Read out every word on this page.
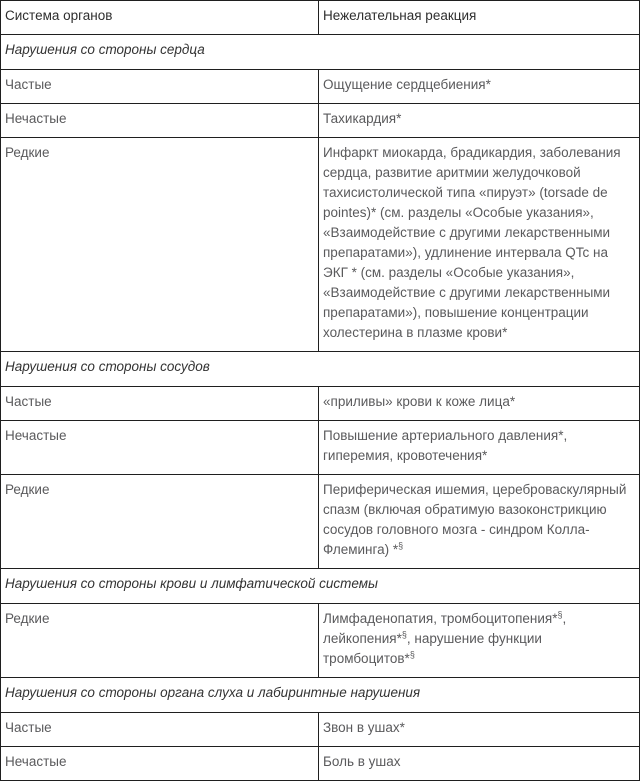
Система органов	Нежелательная реакция
Нарушения со стороны сердца	
Частые	Ощущение сердцебиения*
Нечастые	Тахикардия*
Редкие	Инфаркт миокарда, брадикардия, заболевания сердца, развитие аритмии желудочковой тахисистолической типа «пируэт» (torsade de pointes)* (см. разделы «Особые указания», «Взаимодействие с другими лекарственными препаратами»), удлинение интервала QTc на ЭКГ * (см. разделы «Особые указания», «Взаимодействие с другими лекарственными препаратами»), повышение концентрации холестерина в плазме крови*
Нарушения со стороны сосудов	
Частые	«приливы» крови к коже лица*
Нечастые	Повышение артериального давления*, гиперемия, кровотечения*
Редкие	Периферическая ишемия, цереброваскулярный спазм (включая обратимую вазоконстрикцию сосудов головного мозга - синдром Колла-Флеминга) *§
Нарушения со стороны крови и лимфатической системы	
Редкие	Лимфаденопатия, тромбоцитопения*§, лейкопения*§, нарушение функции тромбоцитов*§
Нарушения со стороны органа слуха и лабиринтные нарушения	
Частые	Звон в ушах*
Нечастые	Боль в ушах
